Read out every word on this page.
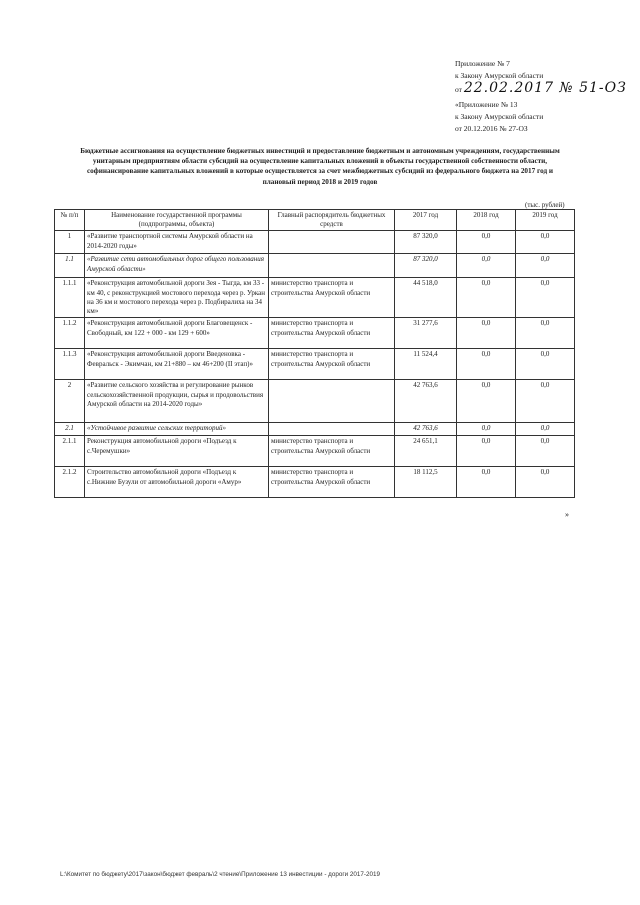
Приложение № 7
к Закону Амурской области
от 22.02.2017 № 51-ОЗ
«Приложение № 13
к Закону Амурской области
от 20.12.2016 № 27-ОЗ
Бюджетные ассигнования на осуществление бюджетных инвестиций и предоставление бюджетным и автономным учреждениям, государственным унитарным предприятиям области субсидий на осуществление капитальных вложений в объекты государственной собственности области, софинансирование капитальных вложений в которые осуществляется за счет межбюджетных субсидий из федерального бюджета на 2017 год и плановый период 2018 и 2019 годов
(тыс. рублей)
№ п/п	Наименование государственной программы (подпрограммы, объекта)	Главный распорядитель бюджетных средств	2017 год	2018 год	2019 год
1	«Развитие транспортной системы Амурской области на 2014-2020 годы»		87 320,0	0,0	0,0
1.1	«Развитие сети автомобильных дорог общего пользования Амурской области»		87 320,0	0,0	0,0
1.1.1	«Реконструкция автомобильной дороги Зея - Тыгда, км 33 - км 40, с реконструкцией мостового перехода через р. Уркан на 36 км и мостового перехода через р. Подбиралиха на 34 км»	министерство транспорта и строительства Амурской области	44 518,0	0,0	0,0
1.1.2	«Реконструкция автомобильной дороги Благовещенск - Свободный, км 122 + 000 - км 129 + 600»	министерство транспорта и строительства Амурской области	31 277,6	0,0	0,0
1.1.3	«Реконструкция автомобильной дороги Введеновка - Февральск - Экимчан, км 21+880 – км 46+200 (II этап)»	министерство транспорта и строительства Амурской области	11 524,4	0,0	0,0
2	«Развитие сельского хозяйства и регулирование рынков сельскохозяйственной продукции, сырья и продовольствия Амурской области на 2014-2020 годы»		42 763,6	0,0	0,0
2.1	«Устойчивое развитие сельских территорий»		42 763,6	0,0	0,0
2.1.1	Реконструкция автомобильной дороги «Подъезд к с.Черемушки»	министерство транспорта и строительства Амурской области	24 651,1	0,0	0,0
2.1.2	Строительство автомобильной дороги «Подъезд к с.Нижние Бузули от автомобильной дороги «Амур»	министерство транспорта и строительства Амурской области	18 112,5	0,0	0,0
»
L:\Комитет по бюджету\2017\закон\бюджет февраль\2 чтение\Приложение 13 инвестиции - дороги 2017-2019
